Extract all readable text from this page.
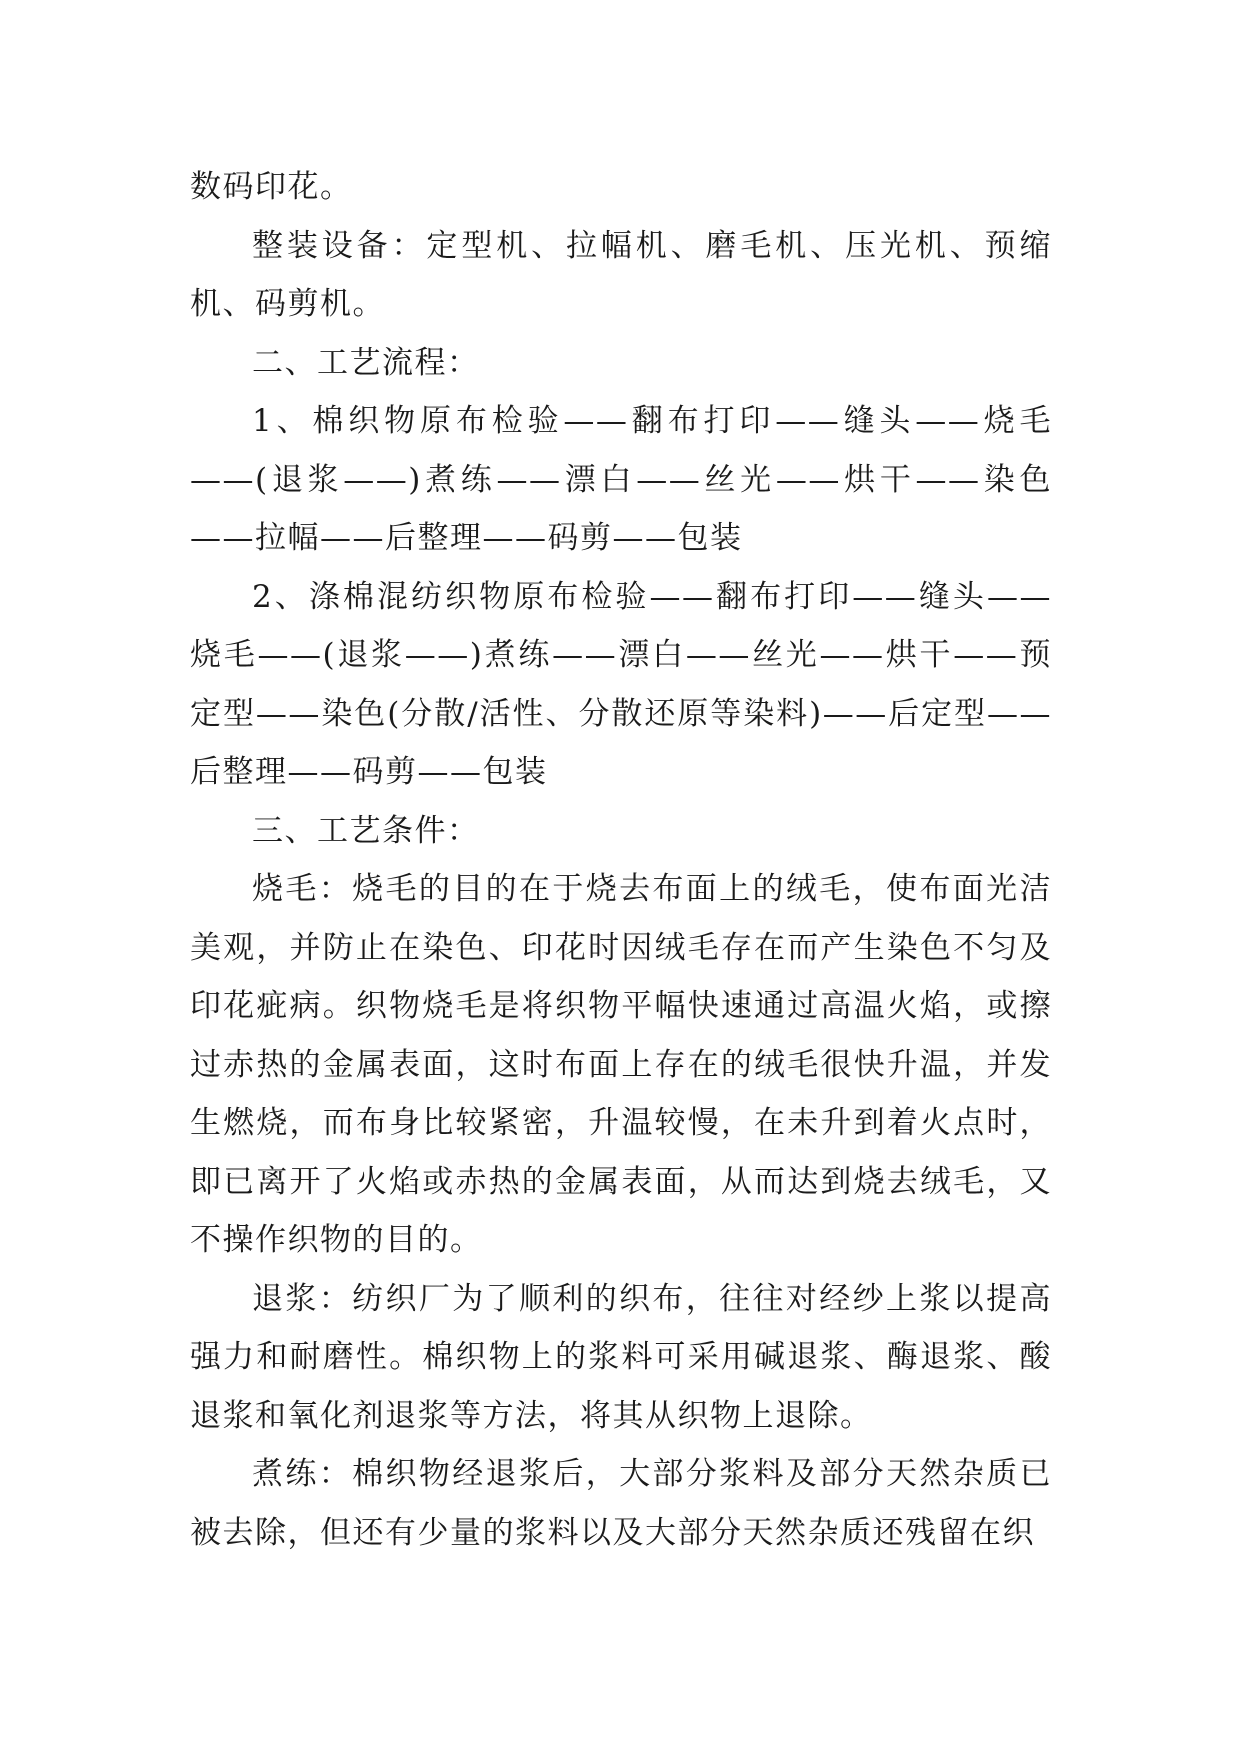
数码印花。

整装设备：定型机、拉幅机、磨毛机、压光机、预缩机、码剪机。

二、工艺流程：

1、棉织物原布检验——翻布打印——缝头——烧毛——(退浆——)煮练——漂白——丝光——烘干——染色——拉幅——后整理——码剪——包装

2、涤棉混纺织物原布检验——翻布打印——缝头——烧毛——(退浆——)煮练——漂白——丝光——烘干——预定型——染色(分散/活性、分散还原等染料)——后定型——后整理——码剪——包装

三、工艺条件：

烧毛：烧毛的目的在于烧去布面上的绒毛，使布面光洁美观，并防止在染色、印花时因绒毛存在而产生染色不匀及印花疵病。织物烧毛是将织物平幅快速通过高温火焰，或擦过赤热的金属表面，这时布面上存在的绒毛很快升温，并发生燃烧，而布身比较紧密，升温较慢，在未升到着火点时，即已离开了火焰或赤热的金属表面，从而达到烧去绒毛，又不操作织物的目的。

退浆：纺织厂为了顺利的织布，往往对经纱上浆以提高强力和耐磨性。棉织物上的浆料可采用碱退浆、酶退浆、酸退浆和氧化剂退浆等方法，将其从织物上退除。

煮练：棉织物经退浆后，大部分浆料及部分天然杂质已被去除，但还有少量的浆料以及大部分天然杂质还残留在织
